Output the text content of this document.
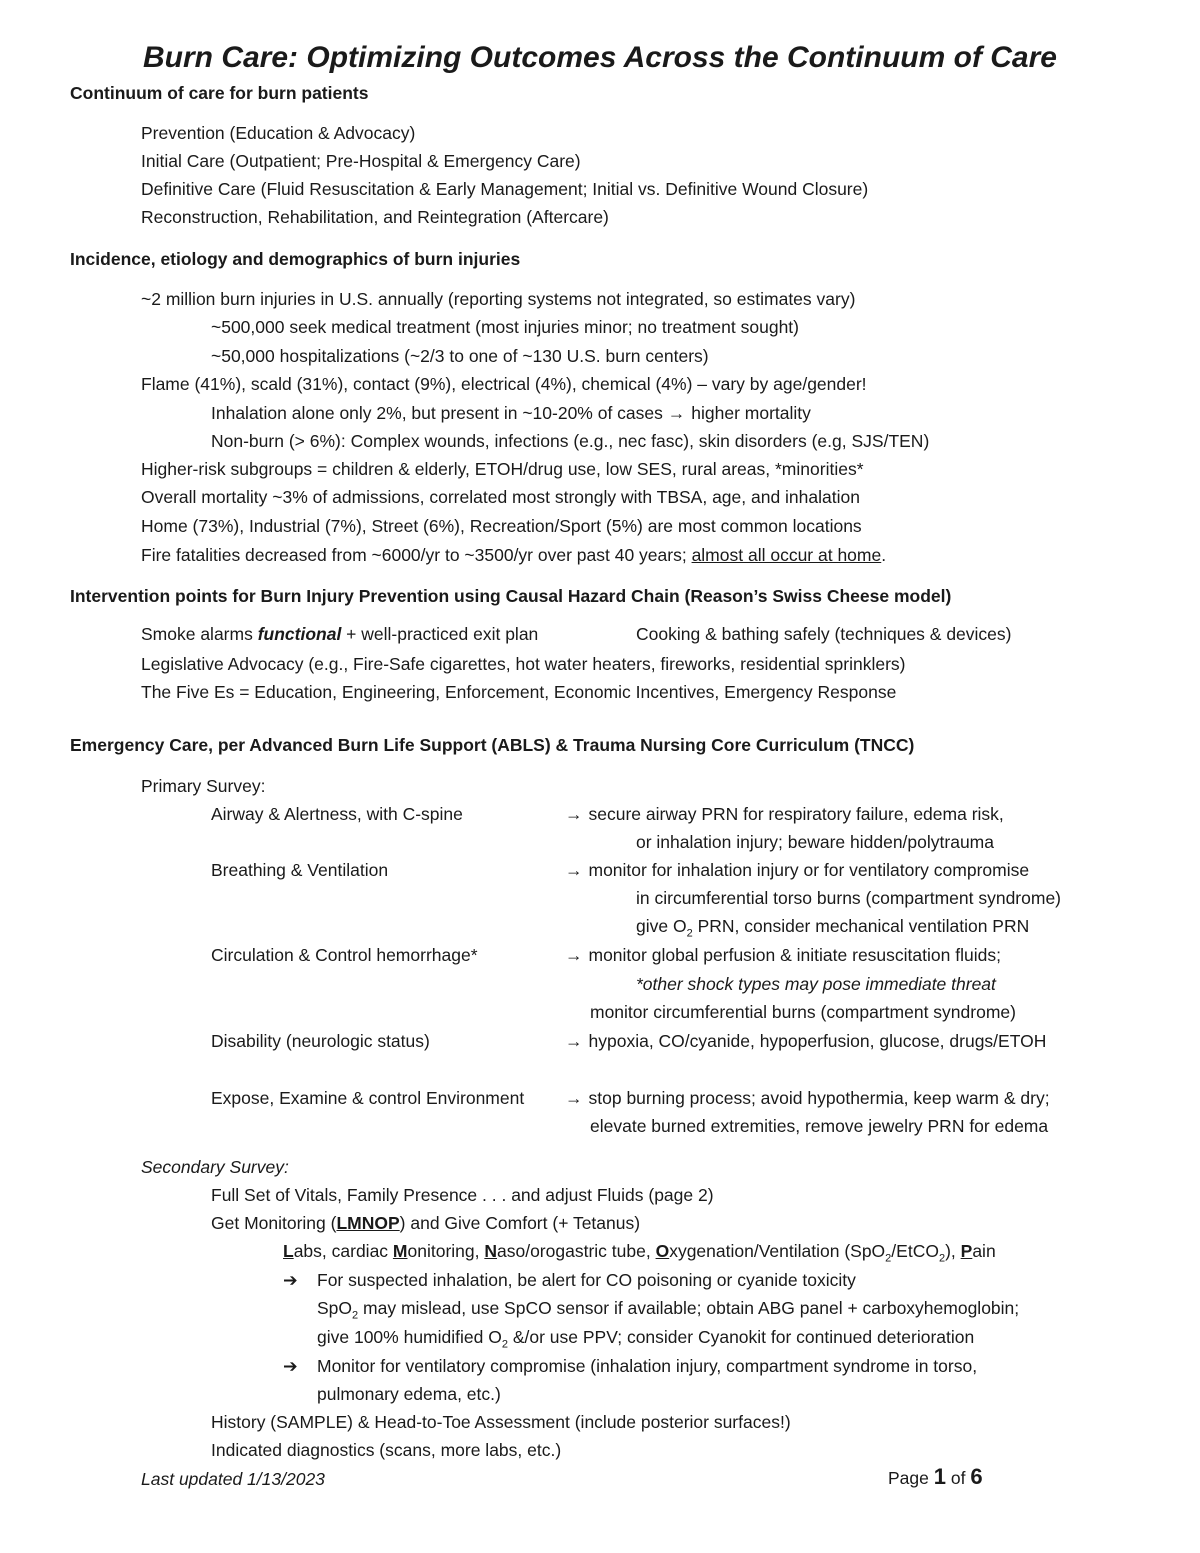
Burn Care: Optimizing Outcomes Across the Continuum of Care
Continuum of care for burn patients
Prevention (Education & Advocacy)
Initial Care (Outpatient; Pre-Hospital & Emergency Care)
Definitive Care (Fluid Resuscitation & Early Management; Initial vs. Definitive Wound Closure)
Reconstruction, Rehabilitation, and Reintegration (Aftercare)
Incidence, etiology and demographics of burn injuries
~2 million burn injuries in U.S. annually (reporting systems not integrated, so estimates vary)
~500,000 seek medical treatment (most injuries minor; no treatment sought)
~50,000 hospitalizations (~2/3 to one of ~130 U.S. burn centers)
Flame (41%), scald (31%), contact (9%), electrical (4%), chemical (4%) – vary by age/gender!
Inhalation alone only 2%, but present in ~10-20% of cases → higher mortality
Non-burn (> 6%): Complex wounds, infections (e.g., nec fasc), skin disorders (e.g, SJS/TEN)
Higher-risk subgroups = children & elderly, ETOH/drug use, low SES, rural areas, *minorities*
Overall mortality ~3% of admissions, correlated most strongly with TBSA, age, and inhalation
Home (73%), Industrial (7%), Street (6%), Recreation/Sport (5%) are most common locations
Fire fatalities decreased from ~6000/yr to ~3500/yr over past 40 years; almost all occur at home.
Intervention points for Burn Injury Prevention using Causal Hazard Chain (Reason’s Swiss Cheese model)
Smoke alarms functional + well-practiced exit plan	Cooking & bathing safely (techniques & devices)
Legislative Advocacy (e.g., Fire-Safe cigarettes, hot water heaters, fireworks, residential sprinklers)
The Five Es = Education, Engineering, Enforcement, Economic Incentives, Emergency Response
Emergency Care, per Advanced Burn Life Support (ABLS) & Trauma Nursing Core Curriculum (TNCC)
Primary Survey:
Airway & Alertness, with C-spine	→ secure airway PRN for respiratory failure, edema risk,
or inhalation injury; beware hidden/polytrauma
Breathing & Ventilation	→ monitor for inhalation injury or for ventilatory compromise
in circumferential torso burns (compartment syndrome)
give $O_2$ PRN, consider mechanical ventilation PRN
Circulation & Control hemorrhage*	→ monitor global perfusion & initiate resuscitation fluids;
*other shock types may pose immediate threat
monitor circumferential burns (compartment syndrome)
Disability (neurologic status)	→ hypoxia, CO/cyanide, hypoperfusion, glucose, drugs/ETOH
Expose, Examine & control Environment → stop burning process; avoid hypothermia, keep warm & dry;
elevate burned extremities, remove jewelry PRN for edema
Secondary Survey:
Full Set of Vitals, Family Presence . . . and adjust Fluids (page 2)
Get Monitoring (LMNOP) and Give Comfort (+ Tetanus)
Labs, cardiac Monitoring, Naso/orogastric tube, Oxygenation/Ventilation (SpO$_2$/EtCO$_2$), Pain
➔ For suspected inhalation, be alert for CO poisoning or cyanide toxicity
SpO$_2$ may mislead, use SpCO sensor if available; obtain ABG panel + carboxyhemoglobin;
give 100% humidified $O_2$ &/or use PPV; consider Cyanokit for continued deterioration
➔ Monitor for ventilatory compromise (inhalation injury, compartment syndrome in torso,
pulmonary edema, etc.)
History (SAMPLE) & Head-to-Toe Assessment (include posterior surfaces!)
Indicated diagnostics (scans, more labs, etc.)
Last updated 1/13/2023	Page 1 of 6
